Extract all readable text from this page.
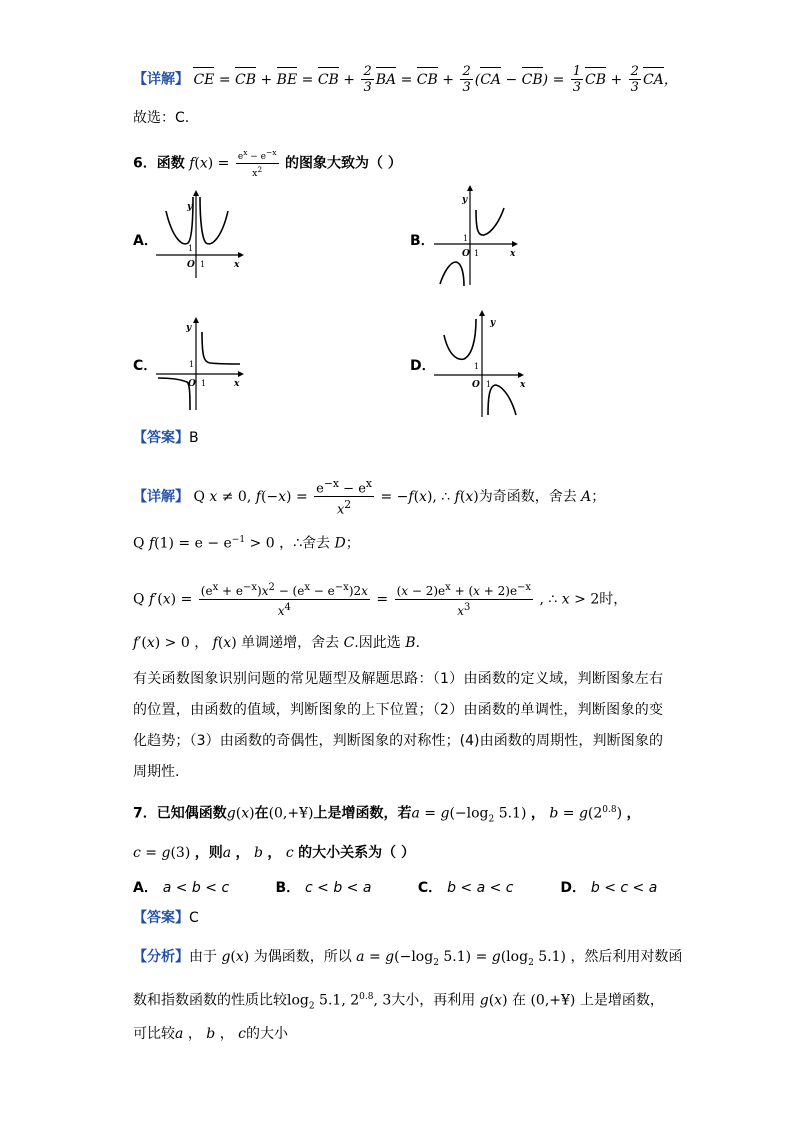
【详解】 CE = CB + BE = CB + $\frac{2}{3}$ BA = CB + $\frac{2}{3} (CA - CB) = \frac{1}{3}$ CB + $\frac{2}{3}$ CA，
故选：C.
6．函数 $f(x) = \frac{e^x - e^{-x}}{x^2}$ 的图象大致为（ ）
A．	B．
C．	D．
y
x
O
1
1
y
x
O
1
1
y
x
O
1
1
y
x
O
1
1
【答案】B
【详解】 Q x ≠ 0, $f(-x) = \frac{e^{-x} - e^x}{x^2} = -f(x)$, ∴ f(x)为奇函数，舍去 A；
Q $f(1) = e - e^{-1} > 0$ ，∴舍去 D；
Q $f'(x) = \frac{(e^x + e^{-x})x^2 - (e^x - e^{-x})2x}{x^4} = \frac{(x - 2)e^x + (x + 2)e^{-x}}{x^3}$ , ∴ x > 2时，
f′(x) > 0 ， f(x) 单调递增，舍去 C.因此选 B.
有关函数图象识别问题的常见题型及解题思路：（1）由函数的定义域，判断图象左右的位置，由函数的值域，判断图象的上下位置；（2）由函数的单调性，判断图象的变化趋势；（3）由函数的奇偶性，判断图象的对称性；(4)由函数的周期性，判断图象的周期性.
7．已知偶函数g(x)在(0,+¥)上是增函数，若$a = g(-\log_2$ 5.1) ， $b = g(2^{0.8})$ ，
c = g(3) ，则a ， b ， c 的大小关系为（ ）
A． a < b < c	B． c < b < a	C． b < a < c	D． b < c < a
【答案】C
【分析】由于 g(x) 为偶函数，所以 $a = g(-\log_2$ $5.1) = g(\log_2$ 5.1) ，然后利用对数函
数和指数函数的性质比较$\log_2 5.1$, $2^{0.8}$, 3大小，再利用 g(x) 在 (0,+¥) 上是增函数，
可比较a ， b ， c的大小
